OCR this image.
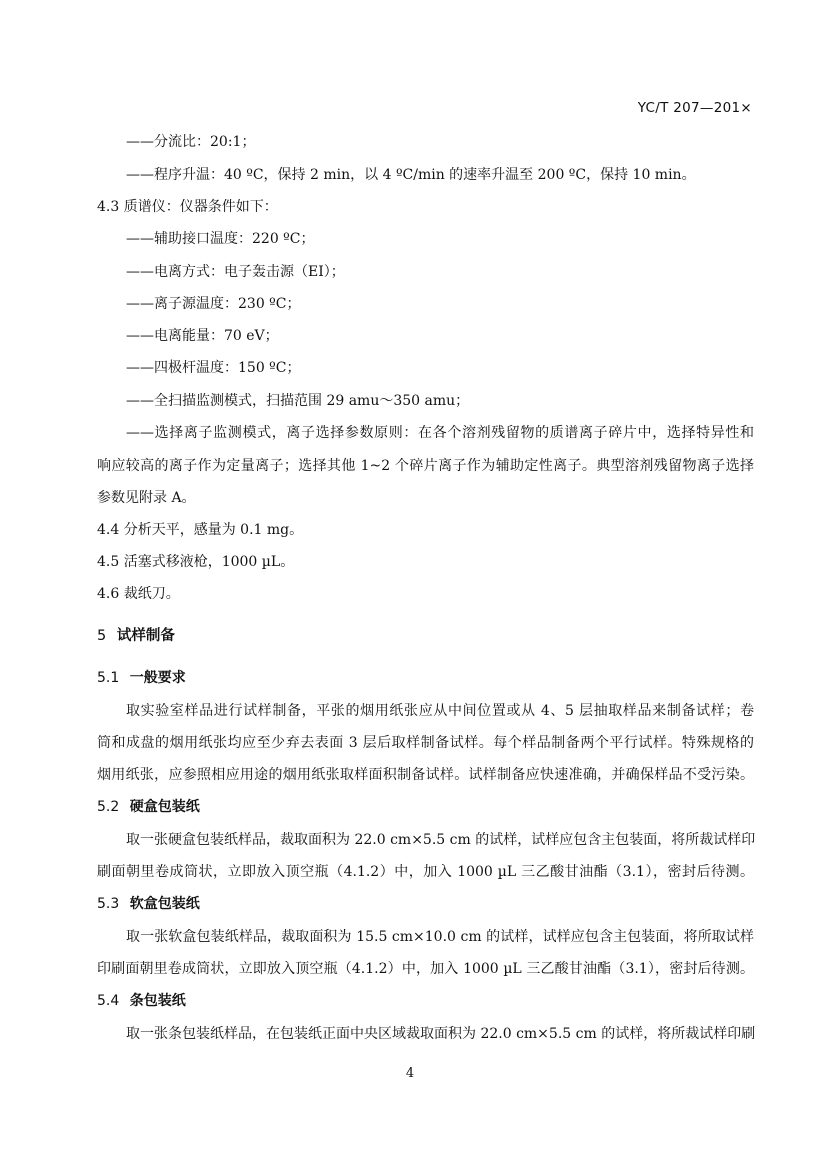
YC/T 207—201×
——分流比：20:1；
——程序升温：40 ºC，保持 2 min，以 4 ºC/min 的速率升温至 200 ºC，保持 10 min。
4.3 质谱仪：仪器条件如下：
——辅助接口温度：220 ºC；
——电离方式：电子轰击源（EI）；
——离子源温度：230 ºC；
——电离能量：70 eV；
——四极杆温度：150 ºC；
——全扫描监测模式，扫描范围 29 amu～350 amu；
——选择离子监测模式，离子选择参数原则：在各个溶剂残留物的质谱离子碎片中，选择特异性和
响应较高的离子作为定量离子；选择其他 1~2 个碎片离子作为辅助定性离子。典型溶剂残留物离子选择
参数见附录 A。
4.4 分析天平，感量为 0.1 mg。
4.5 活塞式移液枪，1000 µL。
4.6 裁纸刀。
5 试样制备
5.1 一般要求
取实验室样品进行试样制备，平张的烟用纸张应从中间位置或从 4、5 层抽取样品来制备试样；卷
筒和成盘的烟用纸张均应至少弃去表面 3 层后取样制备试样。每个样品制备两个平行试样。特殊规格的
烟用纸张，应参照相应用途的烟用纸张取样面积制备试样。试样制备应快速准确，并确保样品不受污染。
5.2 硬盒包装纸
取一张硬盒包装纸样品，裁取面积为 22.0 cm×5.5 cm 的试样，试样应包含主包装面，将所裁试样印
刷面朝里卷成筒状，立即放入顶空瓶（4.1.2）中，加入 1000 µL 三乙酸甘油酯（3.1），密封后待测。
5.3 软盒包装纸
取一张软盒包装纸样品，裁取面积为 15.5 cm×10.0 cm 的试样，试样应包含主包装面，将所取试样
印刷面朝里卷成筒状，立即放入顶空瓶（4.1.2）中，加入 1000 µL 三乙酸甘油酯（3.1），密封后待测。
5.4 条包装纸
取一张条包装纸样品，在包装纸正面中央区域裁取面积为 22.0 cm×5.5 cm 的试样，将所裁试样印刷
4
